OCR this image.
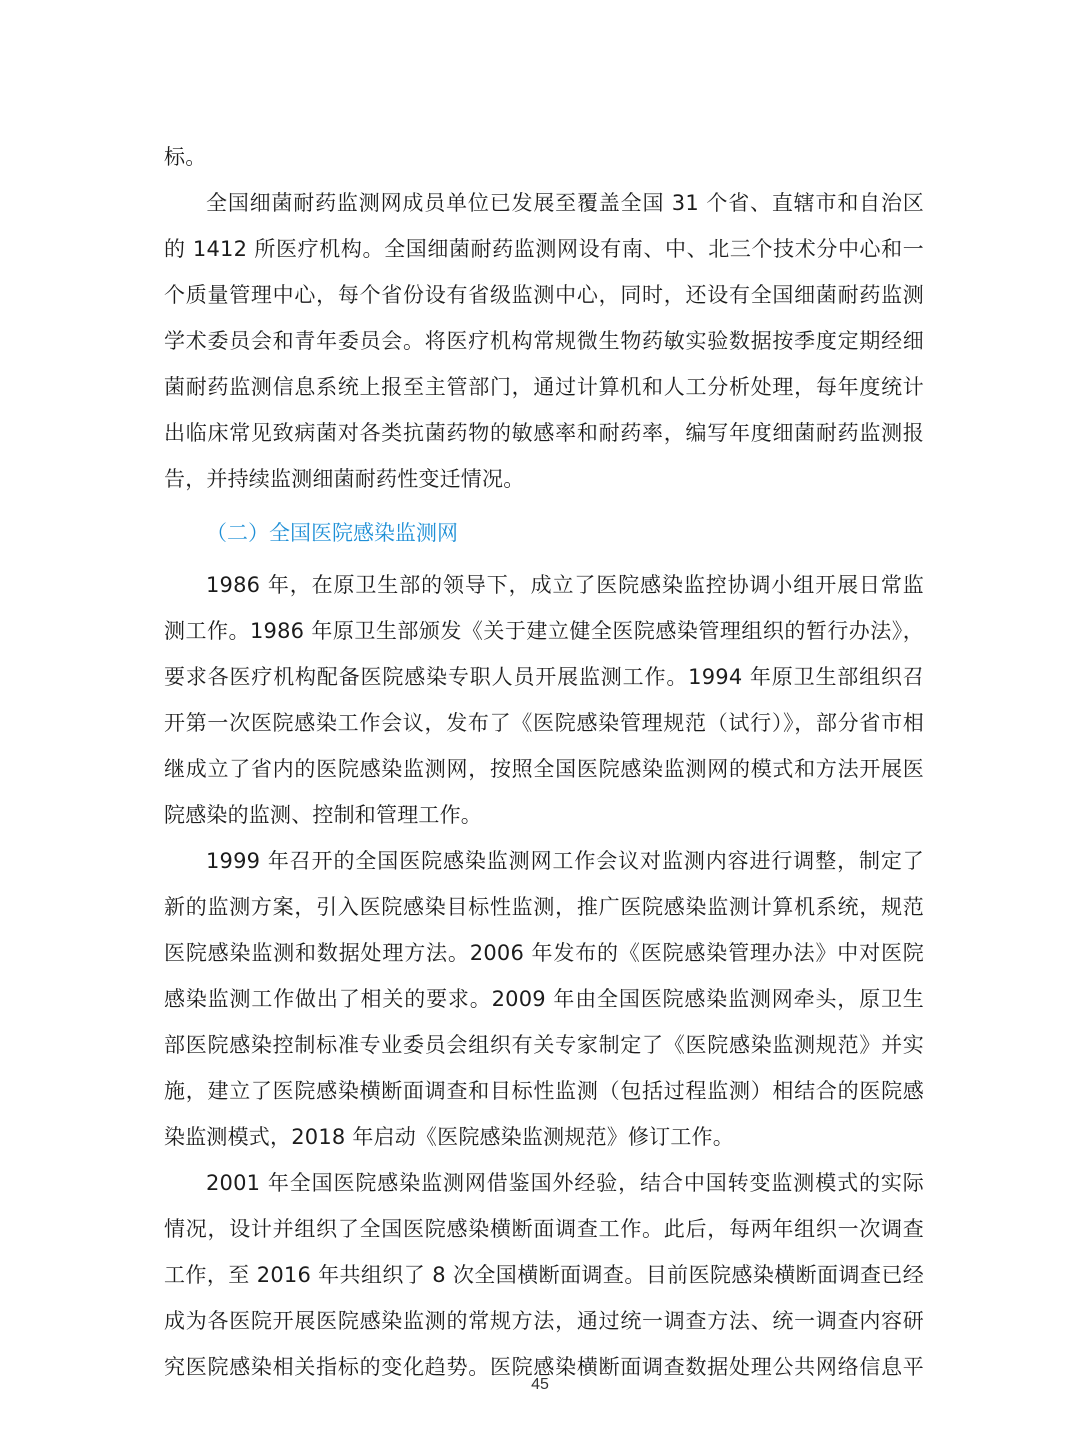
标。
全国细菌耐药监测网成员单位已发展至覆盖全国 31 个省、直辖市和自治区
的 1412 所医疗机构。全国细菌耐药监测网设有南、中、北三个技术分中心和一
个质量管理中心，每个省份设有省级监测中心，同时，还设有全国细菌耐药监测
学术委员会和青年委员会。将医疗机构常规微生物药敏实验数据按季度定期经细
菌耐药监测信息系统上报至主管部门，通过计算机和人工分析处理，每年度统计
出临床常见致病菌对各类抗菌药物的敏感率和耐药率，编写年度细菌耐药监测报
告，并持续监测细菌耐药性变迁情况。
（二）全国医院感染监测网
1986 年，在原卫生部的领导下，成立了医院感染监控协调小组开展日常监
测工作。1986 年原卫生部颁发《关于建立健全医院感染管理组织的暂行办法》，
要求各医疗机构配备医院感染专职人员开展监测工作。1994 年原卫生部组织召
开第一次医院感染工作会议，发布了《医院感染管理规范（试行）》，部分省市相
继成立了省内的医院感染监测网，按照全国医院感染监测网的模式和方法开展医
院感染的监测、控制和管理工作。
1999 年召开的全国医院感染监测网工作会议对监测内容进行调整，制定了
新的监测方案，引入医院感染目标性监测，推广医院感染监测计算机系统，规范
医院感染监测和数据处理方法。2006 年发布的《医院感染管理办法》中对医院
感染监测工作做出了相关的要求。2009 年由全国医院感染监测网牵头，原卫生
部医院感染控制标准专业委员会组织有关专家制定了《医院感染监测规范》并实
施，建立了医院感染横断面调查和目标性监测（包括过程监测）相结合的医院感
染监测模式，2018 年启动《医院感染监测规范》修订工作。
2001 年全国医院感染监测网借鉴国外经验，结合中国转变监测模式的实际
情况，设计并组织了全国医院感染横断面调查工作。此后，每两年组织一次调查
工作，至 2016 年共组织了 8 次全国横断面调查。目前医院感染横断面调查已经
成为各医院开展医院感染监测的常规方法，通过统一调查方法、统一调查内容研
究医院感染相关指标的变化趋势。医院感染横断面调查数据处理公共网络信息平
45
